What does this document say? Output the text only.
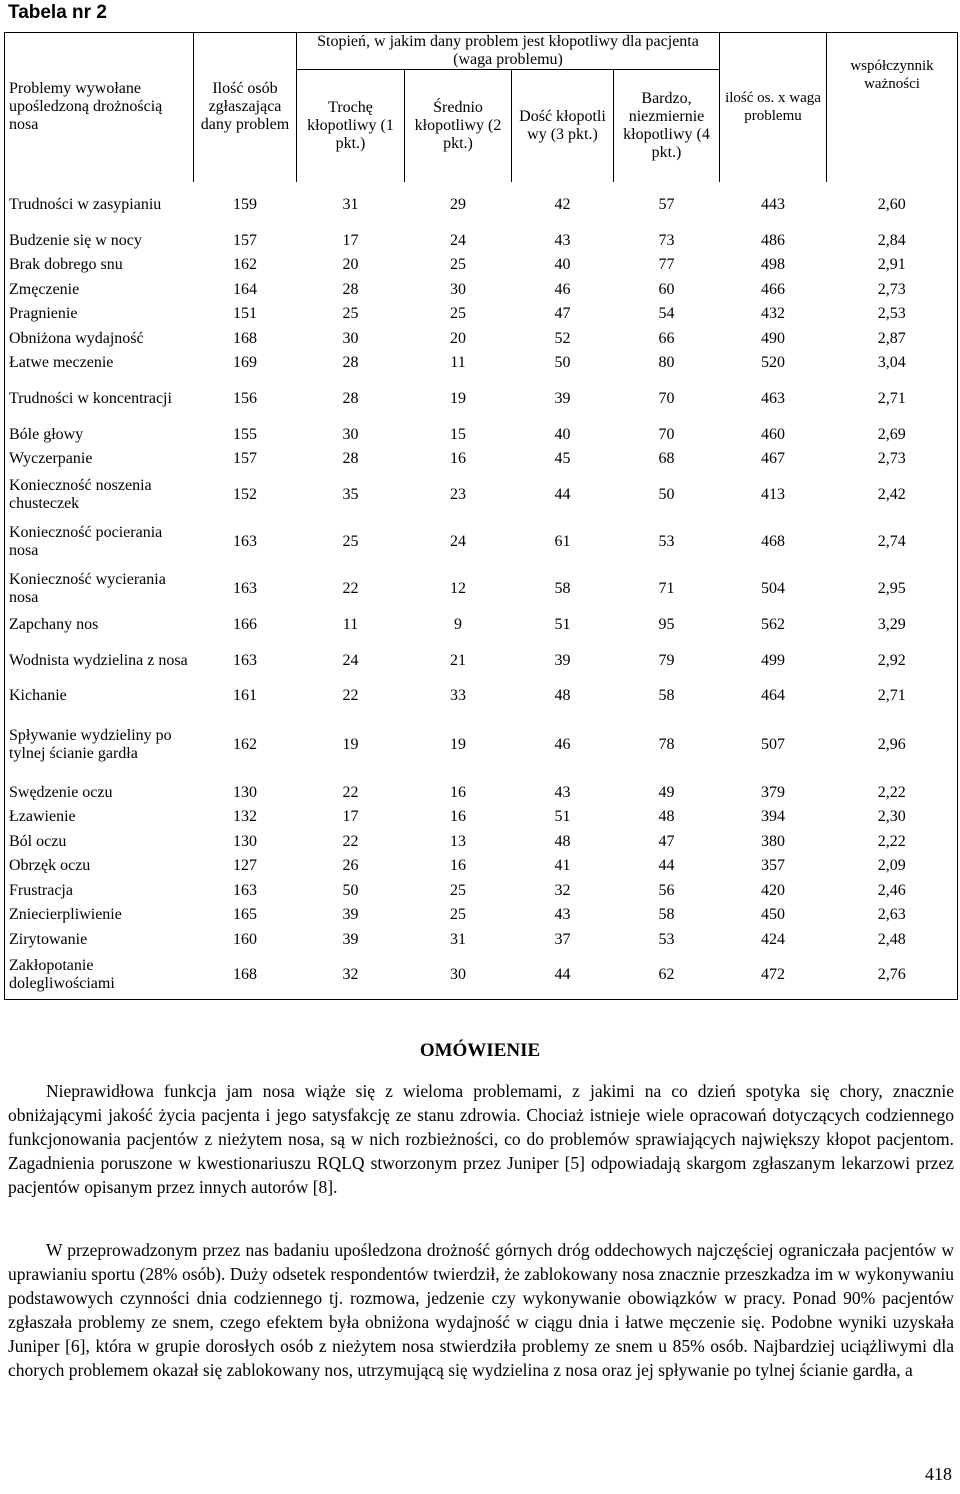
Tabela nr 2
Problemy wywołane upośledzoną drożnością nosa	Ilość osób zgłaszająca dany problem	Stopień, w jakim dany problem jest kłopotliwy dla pacjenta (waga problemu)				ilość os. x waga problemu	współczynnik ważności
		Trochę kłopotliwy (1 pkt.)	Średnio kłopotliwy (2 pkt.)	Dość kłopotli wy (3 pkt.)	Bardzo, niezmiernie kłopotliwy (4 pkt.)		
Trudności w zasypianiu	159	31	29	42	57	443	2,60
Budzenie się w nocy	157	17	24	43	73	486	2,84
Brak dobrego snu	162	20	25	40	77	498	2,91
Zmęczenie	164	28	30	46	60	466	2,73
Pragnienie	151	25	25	47	54	432	2,53
Obniżona wydajność	168	30	20	52	66	490	2,87
Łatwe meczenie	169	28	11	50	80	520	3,04
Trudności w koncentracji	156	28	19	39	70	463	2,71
Bóle głowy	155	30	15	40	70	460	2,69
Wyczerpanie	157	28	16	45	68	467	2,73
Konieczność noszenia chusteczek	152	35	23	44	50	413	2,42
Konieczność pocierania nosa	163	25	24	61	53	468	2,74
Konieczność wycierania nosa	163	22	12	58	71	504	2,95
Zapchany nos	166	11	9	51	95	562	3,29
Wodnista wydzielina z nosa	163	24	21	39	79	499	2,92
Kichanie	161	22	33	48	58	464	2,71
Spływanie wydzieliny po tylnej ścianie gardła	162	19	19	46	78	507	2,96
Swędzenie oczu	130	22	16	43	49	379	2,22
Łzawienie	132	17	16	51	48	394	2,30
Ból oczu	130	22	13	48	47	380	2,22
Obrzęk oczu	127	26	16	41	44	357	2,09
Frustracja	163	50	25	32	56	420	2,46
Zniecierpliwienie	165	39	25	43	58	450	2,63
Zirytowanie	160	39	31	37	53	424	2,48
Zakłopotanie dolegliwościami	168	32	30	44	62	472	2,76
OMÓWIENIE

Nieprawidłowa funkcja jam nosa wiąże się z wieloma problemami, z jakimi na co dzień spotyka się chory, znacznie obniżającymi jakość życia pacjenta i jego satysfakcję ze stanu zdrowia. Chociaż istnieje wiele opracowań dotyczących codziennego funkcjonowania pacjentów z nieżytem nosa, są w nich rozbieżności, co do problemów sprawiających największy kłopot pacjentom. Zagadnienia poruszone w kwestionariuszu RQLQ stworzonym przez Juniper [5] odpowiadają skargom zgłaszanym lekarzowi przez pacjentów opisanym przez innych autorów [8].

W przeprowadzonym przez nas badaniu upośledzona drożność górnych dróg oddechowych najczęściej ograniczała pacjentów w uprawianiu sportu (28% osób). Duży odsetek respondentów twierdził, że zablokowany nosa znacznie przeszkadza im w wykonywaniu podstawowych czynności dnia codziennego tj. rozmowa, jedzenie czy wykonywanie obowiązków w pracy. Ponad 90% pacjentów zgłaszała problemy ze snem, czego efektem była obniżona wydajność w ciągu dnia i łatwe męczenie się. Podobne wyniki uzyskała Juniper [6], która w grupie dorosłych osób z nieżytem nosa stwierdziła problemy ze snem u 85% osób. Najbardziej uciążliwymi dla chorych problemem okazał się zablokowany nos, utrzymującą się wydzielina z nosa oraz jej spływanie po tylnej ścianie gardła, a

418
